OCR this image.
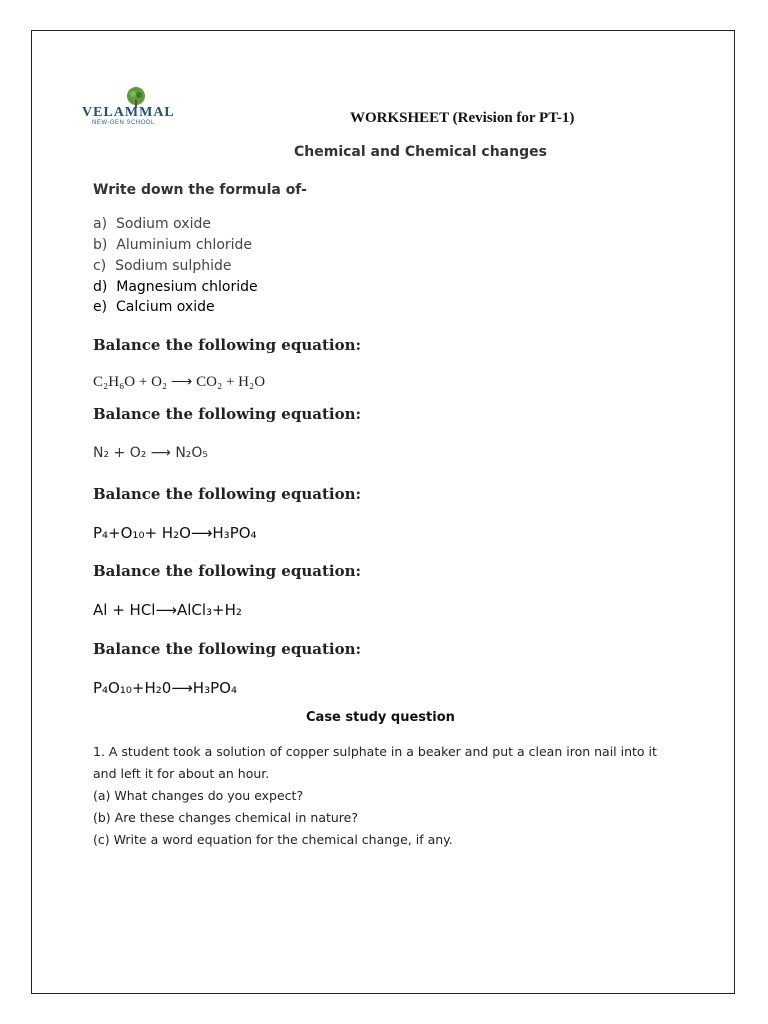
VELAMMAL
NEW-GEN SCHOOL	WORKSHEET (Revision for PT-1)
Chemical and Chemical changes
Write down the formula of-
a) Sodium oxide
b) Aluminium chloride
c) Sodium sulphide
d) Magnesium chloride
e) Calcium oxide
Balance the following equation:
C₂H₆O + O₂ ⟶ CO₂ + H₂O
Balance the following equation:
N₂ + O₂ ⟶ N₂O₅
Balance the following equation:
P₄+O₁₀+ H₂O⟶H₃PO₄
Balance the following equation:
Al + HCl⟶AlCl₃+H₂
Balance the following equation:
P₄O₁₀+H₂0⟶H₃PO₄
Case study question
1. A student took a solution of copper sulphate in a beaker and put a clean iron nail into it
and left it for about an hour.
(a) What changes do you expect?
(b) Are these changes chemical in nature?
(c) Write a word equation for the chemical change, if any.
